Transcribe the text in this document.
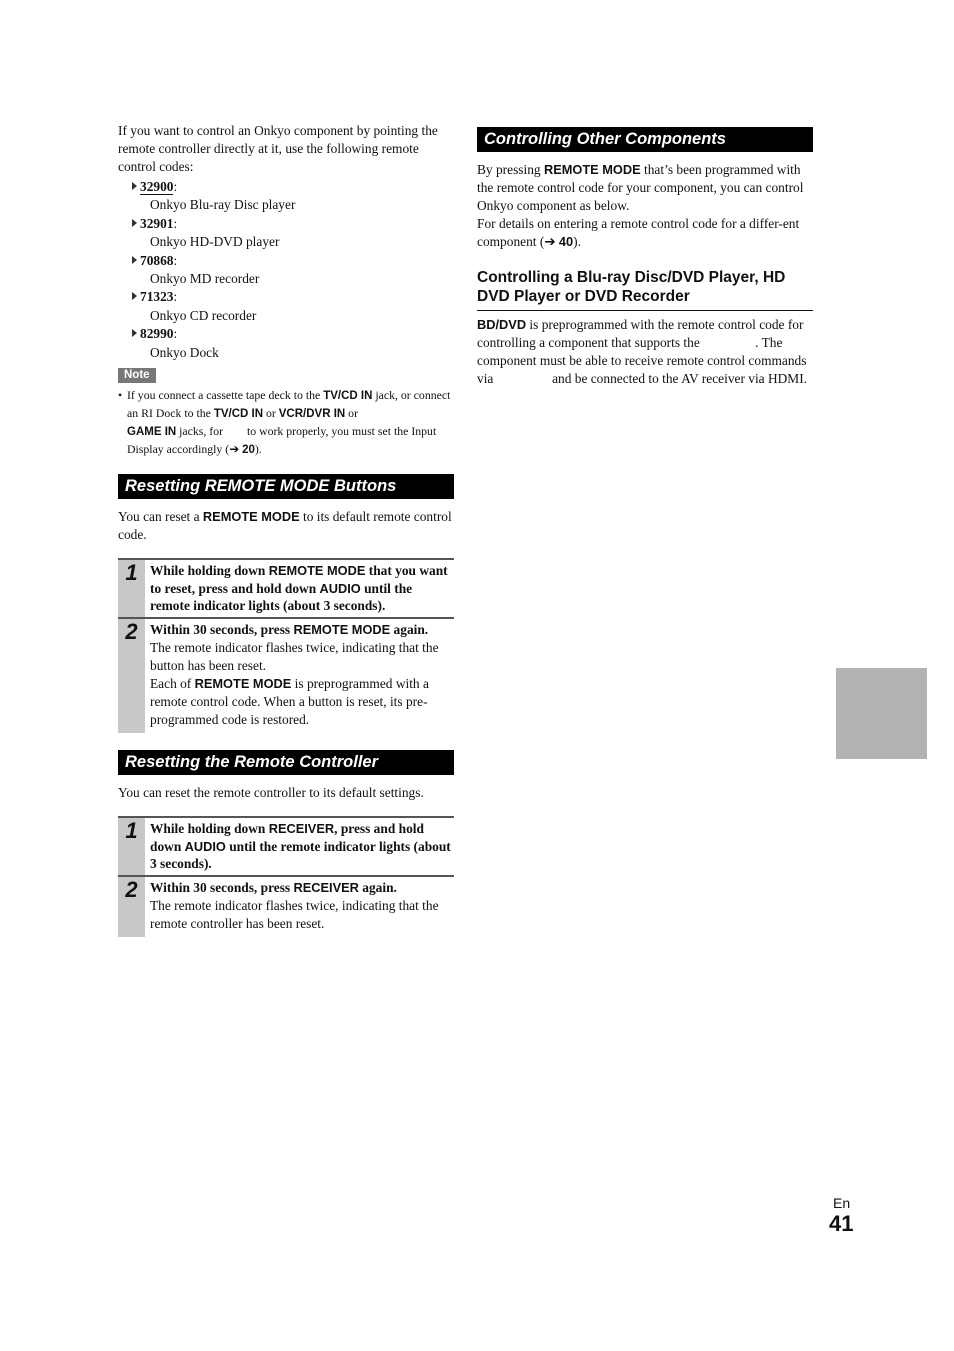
If you want to control an Onkyo component by pointing the remote controller directly at it, use the following remote control codes:

32900:
Onkyo Blu-ray Disc player
32901:
Onkyo HD-DVD player
70868:
Onkyo MD recorder
71323:
Onkyo CD recorder
82990:
Onkyo Dock
Note
• If you connect a cassette tape deck to the TV/CD IN jack, or connect an RI Dock to the TV/CD IN or VCR/DVR IN or
GAME IN jacks, for  to work properly, you must set the Input Display accordingly (➔ 20).
Resetting REMOTE MODE Buttons

You can reset a REMOTE MODE to its default remote control code.

1 While holding down REMOTE MODE that you want to reset, press and hold down AUDIO until the remote indicator lights (about 3 seconds).
2 Within 30 seconds, press REMOTE MODE again.
The remote indicator flashes twice, indicating that the button has been reset.
Each of REMOTE MODE is preprogrammed with a remote control code. When a button is reset, its pre-programmed code is restored.
Resetting the Remote Controller

You can reset the remote controller to its default settings.

1 While holding down RECEIVER, press and hold down AUDIO until the remote indicator lights (about 3 seconds).
2 Within 30 seconds, press RECEIVER again.
The remote indicator flashes twice, indicating that the remote controller has been reset.
Controlling Other Components

By pressing REMOTE MODE that’s been programmed with the remote control code for your component, you can control Onkyo component as below.

For details on entering a remote control code for a differ-ent component (➔ 40).

Controlling a Blu-ray Disc/DVD Player, HD DVD Player or DVD Recorder

BD/DVD is preprogrammed with the remote control code for controlling a component that supports the	. The component must be able to receive remote control commands via	and be connected to the AV receiver via HDMI.

En
41
